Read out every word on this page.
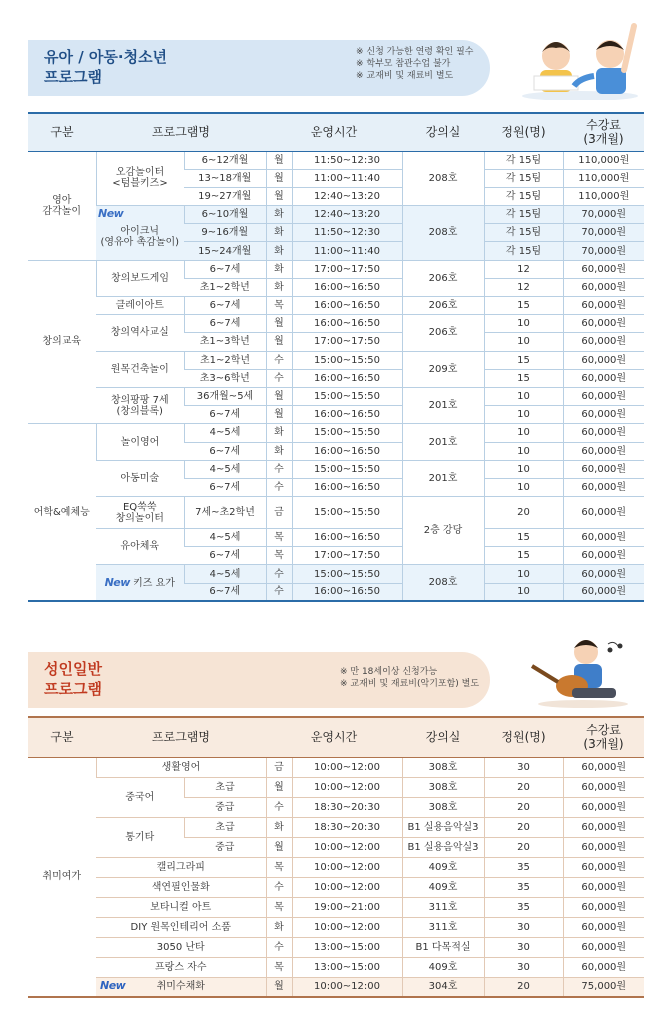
유아 / 아동·청소년
프로그램
※ 신청 가능한 연령 확인 필수
※ 학부모 참관수업 불가
※ 교재비 및 재료비 별도
구분	프로그램명		운영시간		강의실	정원(명)	수강료
(3개월)
영아
감각놀이	오감놀이터
<텀블키즈>	6~12개월	월	11:50~12:30	208호	각 15팀	110,000원
		13~18개월	월	11:00~11:40		각 15팀	110,000원
		19~27개월	월	12:40~13:20		각 15팀	110,000원

	New
아이크닉
(영유아 촉감놀이)	6~10개월	화	12:40~13:20	208호	각 15팀	70,000원
		9~16개월	화	11:50~12:30		각 15팀	70,000원
		15~24개월	화	11:00~11:40		각 15팀	70,000원
창의교육	창의보드게임	6~7세	화	17:00~17:50	206호	12	60,000원
		초1~2학년	화	16:00~16:50		12	60,000원
	클레이아트	6~7세	목	16:00~16:50	206호	15	60,000원
	창의역사교실	6~7세	월	16:00~16:50	206호	10	60,000원
		초1~3학년	월	17:00~17:50		10	60,000원
	원목건축놀이	초1~2학년	수	15:00~15:50	209호	15	60,000원
		초3~6학년	수	16:00~16:50		15	60,000원
	창의팡팡 7세
(창의블록)	36개월~5세	월	15:00~15:50	201호	10	60,000원
		6~7세	월	16:00~16:50		10	60,000원
어학&예체능	놀이영어	4~5세	화	15:00~15:50	201호	10	60,000원
		6~7세	화	16:00~16:50		10	60,000원
	아동미술	4~5세	수	15:00~15:50	201호	10	60,000원
		6~7세	수	16:00~16:50		10	60,000원
	EQ쑥쑥
창의놀이터	7세~초2학년	금	15:00~15:50	2층 강당	20	60,000원
	유아체육	4~5세	목	16:00~16:50		15	60,000원
		6~7세	목	17:00~17:50		15	60,000원
	New 키즈 요가	4~5세	수	15:00~15:50	208호	10	60,000원
		6~7세	수	16:00~16:50		10	60,000원
성인일반
프로그램
※ 만 18세이상 신청가능
※ 교재비 및 재료비(악기포함) 별도
구분	프로그램명		운영시간		강의실	정원(명)	수강료
(3개월)
취미여가	생활영어		금	10:00~12:00	308호	30	60,000원
	중국어	초급	월	10:00~12:00	308호	20	60,000원
		중급	수	18:30~20:30	308호	20	60,000원
	통기타	초급	화	18:30~20:30	B1 실용음악실3	20	60,000원
		중급	월	10:00~12:00	B1 실용음악실3	20	60,000원
	캘리그라피		목	10:00~12:00	409호	35	60,000원
	색연필인물화		수	10:00~12:00	409호	35	60,000원
	보타니컬 아트		목	19:00~21:00	311호	35	60,000원
	DIY 원목인테리어 소품		화	10:00~12:00	311호	30	60,000원
	3050 난타		수	13:00~15:00	B1 다목적실	30	60,000원
	프랑스 자수		목	13:00~15:00	409호	30	60,000원
	취미수채화		월	10:00~12:00	304호	20	75,000원
New
